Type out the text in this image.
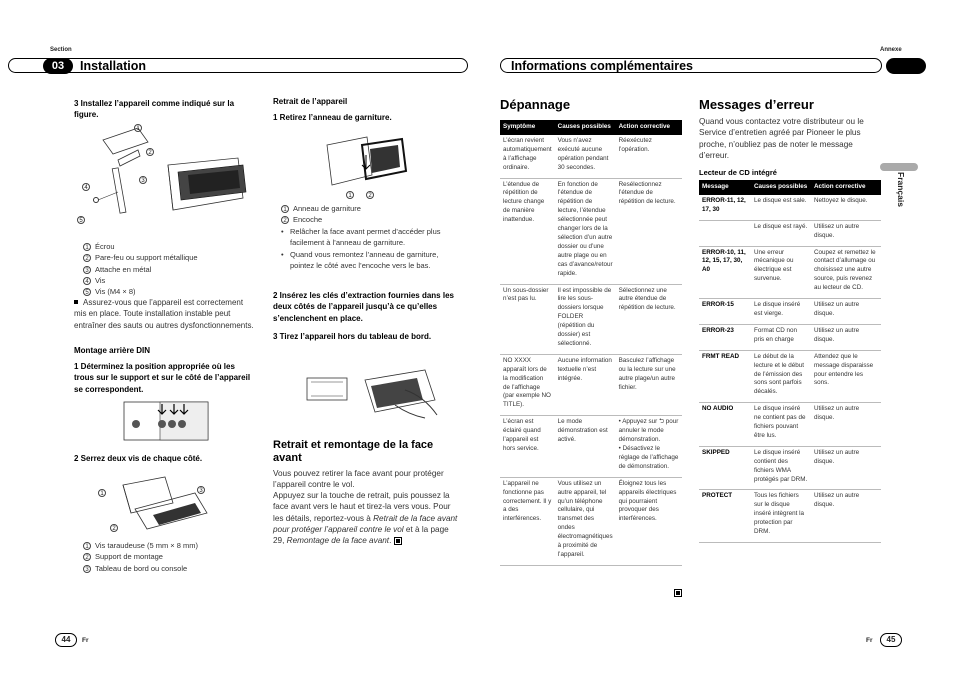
Section
03	Installation
3 Installez l’appareil comme indiqué sur la figure.
1
2
3
4
5
1 Écrou
2 Pare-feu ou support métallique
3 Attache en métal
4 Vis
5 Vis (M4 × 8)
Assurez-vous que l’appareil est correctement mis en place. Toute installation instable peut entraîner des sauts ou autres dysfonctionnements.
Montage arrière DIN
1 Déterminez la position appropriée où les trous sur le support et sur le côté de l’appareil se correspondent.
2 Serrez deux vis de chaque côté.
1	3
2
1 Vis taraudeuse (5 mm × 8 mm)
2 Support de montage
3 Tableau de bord ou console
Retrait de l’appareil
1 Retirez l’anneau de garniture.
1	2
1 Anneau de garniture
2 Encoche
• Relâcher la face avant permet d’accéder plus facilement à l’anneau de garniture.
• Quand vous remontez l’anneau de garniture, pointez le côté avec l’encoche vers le bas.
2 Insérez les clés d’extraction fournies dans les deux côtés de l’appareil jusqu’à ce qu’elles s’enclenchent en place.
3 Tirez l’appareil hors du tableau de bord.
Retrait et remontage de la face avant
Vous pouvez retirer la face avant pour protéger l’appareil contre le vol.
Appuyez sur la touche de retrait, puis poussez la face avant vers le haut et tirez-la vers vous. Pour les détails, reportez-vous à Retrait de la face avant pour protéger l’appareil contre le vol et à la page 29, Remontage de la face avant.
44	Fr
Annexe
Informations complémentaires
Dépannage
Symptôme	Causes possibles	Action corrective
L’écran revient automatiquement à l’affichage ordinaire.	Vous n’avez exécuté aucune opération pendant 30 secondes.	Réexécutez l’opération.
L’étendue de répétition de lecture change de manière inattendue.	En fonction de l’étendue de répétition de lecture, l’étendue sélectionnée peut changer lors de la sélection d’un autre dossier ou d’une autre plage ou en cas d’avance/retour rapide.	Resélectionnez l’étendue de répétition de lecture.
Un sous-dossier n’est pas lu.	Il est impossible de lire les sous-dossiers lorsque FOLDER (répétition du dossier) est sélectionné.	Sélectionnez une autre étendue de répétition de lecture.
NO XXXX apparaît lors de la modification de l’affichage (par exemple NO TITLE).	Aucune information textuelle n’est intégrée.	Basculez l’affichage ou la lecture sur une autre plage/un autre fichier.
L’écran est éclairé quand l’appareil est hors service.	Le mode démonstration est activé.	• Appuyez sur ⮌ pour annuler le mode démonstration.
• Désactivez le réglage de l’affichage de démonstration.
L’appareil ne fonctionne pas correctement. Il y a des interférences.	Vous utilisez un autre appareil, tel qu’un téléphone cellulaire, qui transmet des ondes électromagnétiques à proximité de l’appareil.	Éloignez tous les appareils électriques qui pourraient provoquer des interférences.
Messages d’erreur
Quand vous contactez votre distributeur ou le Service d’entretien agréé par Pioneer le plus proche, n’oubliez pas de noter le message d’erreur.
Lecteur de CD intégré
Message	Causes possibles	Action corrective
ERROR-11, 12, 17, 30	Le disque est sale.	Nettoyez le disque.
	Le disque est rayé.	Utilisez un autre disque.
ERROR-10, 11, 12, 15, 17, 30, A0	Une erreur mécanique ou électrique est survenue.	Coupez et remettez le contact d’allumage ou choisissez une autre source, puis revenez au lecteur de CD.
ERROR-15	Le disque inséré est vierge.	Utilisez un autre disque.
ERROR-23	Format CD non pris en charge	Utilisez un autre disque.
FRMT READ	Le début de la lecture et le début de l’émission des sons sont parfois décalés.	Attendez que le message disparaisse pour entendre les sons.
NO AUDIO	Le disque inséré ne contient pas de fichiers pouvant être lus.	Utilisez un autre disque.
SKIPPED	Le disque inséré contient des fichiers WMA protégés par DRM.	Utilisez un autre disque.
PROTECT	Tous les fichiers sur le disque inséré intègrent la protection par DRM.	Utilisez un autre disque.
Français
Fr	45
